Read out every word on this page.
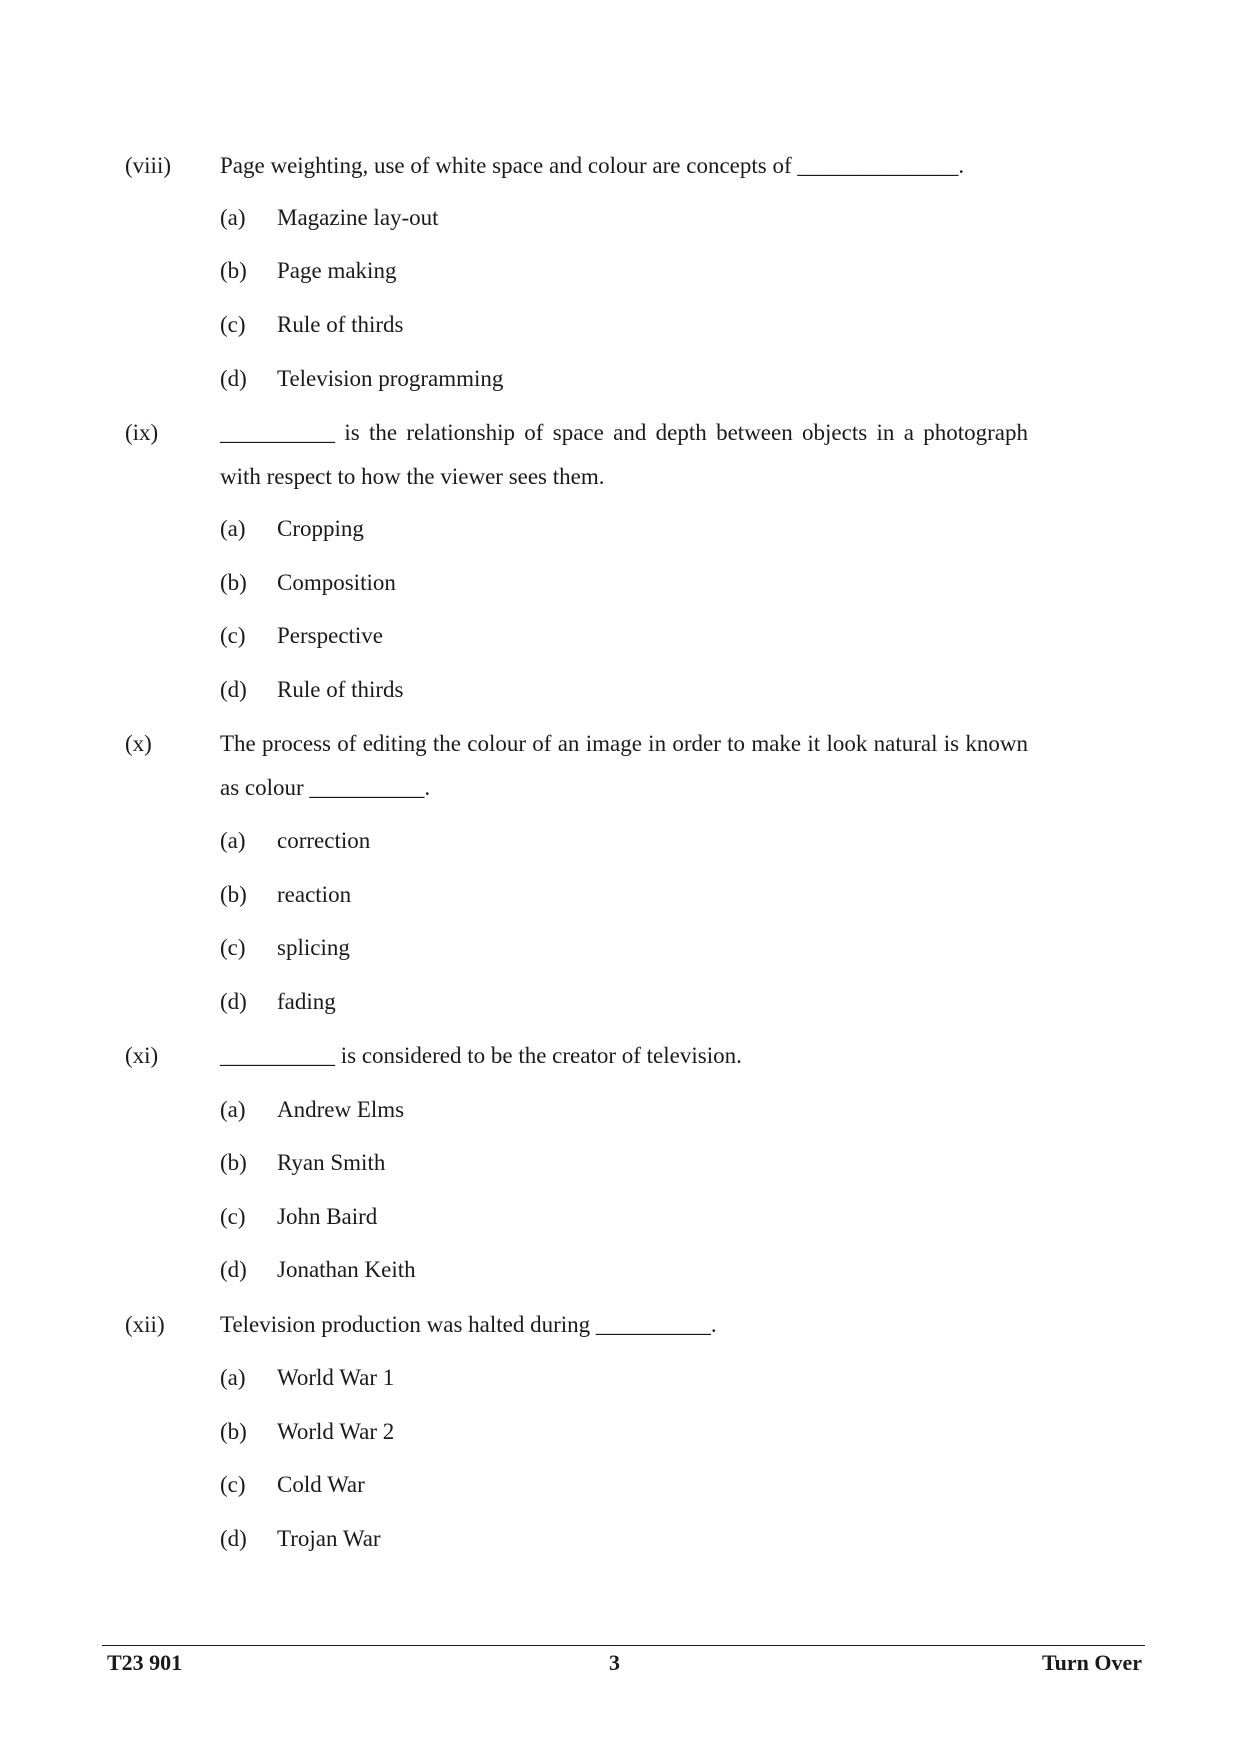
(viii) Page weighting, use of white space and colour are concepts of ______________.
(a) Magazine lay-out
(b) Page making
(c) Rule of thirds
(d) Television programming
(ix)	__________ is the relationship of space and depth between objects in a photograph with respect to how the viewer sees them.
(a) Cropping
(b) Composition
(c) Perspective
(d) Rule of thirds
(x)	The process of editing the colour of an image in order to make it look natural is known as colour __________.
(a) correction
(b) reaction
(c) splicing
(d) fading
(xi)	__________ is considered to be the creator of television.
(a) Andrew Elms
(b) Ryan Smith
(c) John Baird
(d) Jonathan Keith
(xii) Television production was halted during __________.
(a) World War 1
(b) World War 2
(c) Cold War
(d) Trojan War
T23 901	3	Turn Over
